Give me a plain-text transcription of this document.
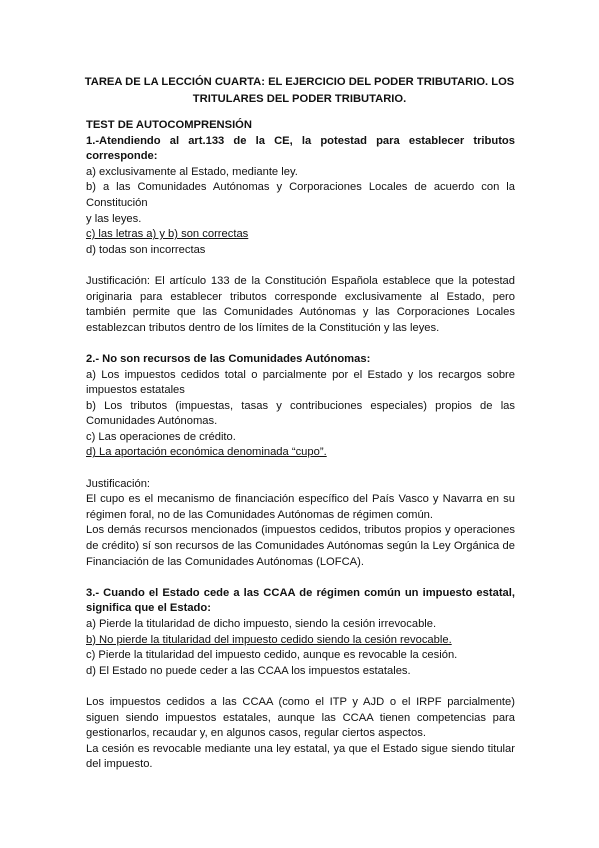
TAREA DE LA LECCIÓN CUARTA: EL EJERCICIO DEL PODER TRIBUTARIO. LOS
TRITULARES DEL PODER TRIBUTARIO.

TEST DE AUTOCOMPRENSIÓN

1.-Atendiendo al art.133 de la CE, la potestad para establecer tributos corresponde:

a) exclusivamente al Estado, mediante ley.

b) a las Comunidades Autónomas y Corporaciones Locales de acuerdo con la Constitución

y las leyes.

c) las letras a) y b) son correctas

d) todas son incorrectas

Justificación: El artículo 133 de la Constitución Española establece que la potestad originaria para establecer tributos corresponde exclusivamente al Estado, pero también permite que las Comunidades Autónomas y las Corporaciones Locales establezcan tributos dentro de los límites de la Constitución y las leyes.

2.- No son recursos de las Comunidades Autónomas:

a) Los impuestos cedidos total o parcialmente por el Estado y los recargos sobre impuestos estatales

b) Los tributos (impuestas, tasas y contribuciones especiales) propios de las Comunidades Autónomas.

c) Las operaciones de crédito.

d) La aportación económica denominada “cupo”.

Justificación:

El cupo es el mecanismo de financiación específico del País Vasco y Navarra en su régimen foral, no de las Comunidades Autónomas de régimen común.

Los demás recursos mencionados (impuestos cedidos, tributos propios y operaciones de crédito) sí son recursos de las Comunidades Autónomas según la Ley Orgánica de Financiación de las Comunidades Autónomas (LOFCA).

3.- Cuando el Estado cede a las CCAA de régimen común un impuesto estatal, significa que el Estado:

a) Pierde la titularidad de dicho impuesto, siendo la cesión irrevocable.

b) No pierde la titularidad del impuesto cedido siendo la cesión revocable.

c) Pierde la titularidad del impuesto cedido, aunque es revocable la cesión.

d) El Estado no puede ceder a las CCAA los impuestos estatales.

Los impuestos cedidos a las CCAA (como el ITP y AJD o el IRPF parcialmente) siguen siendo impuestos estatales, aunque las CCAA tienen competencias para gestionarlos, recaudar y, en algunos casos, regular ciertos aspectos.

La cesión es revocable mediante una ley estatal, ya que el Estado sigue siendo titular del impuesto.
